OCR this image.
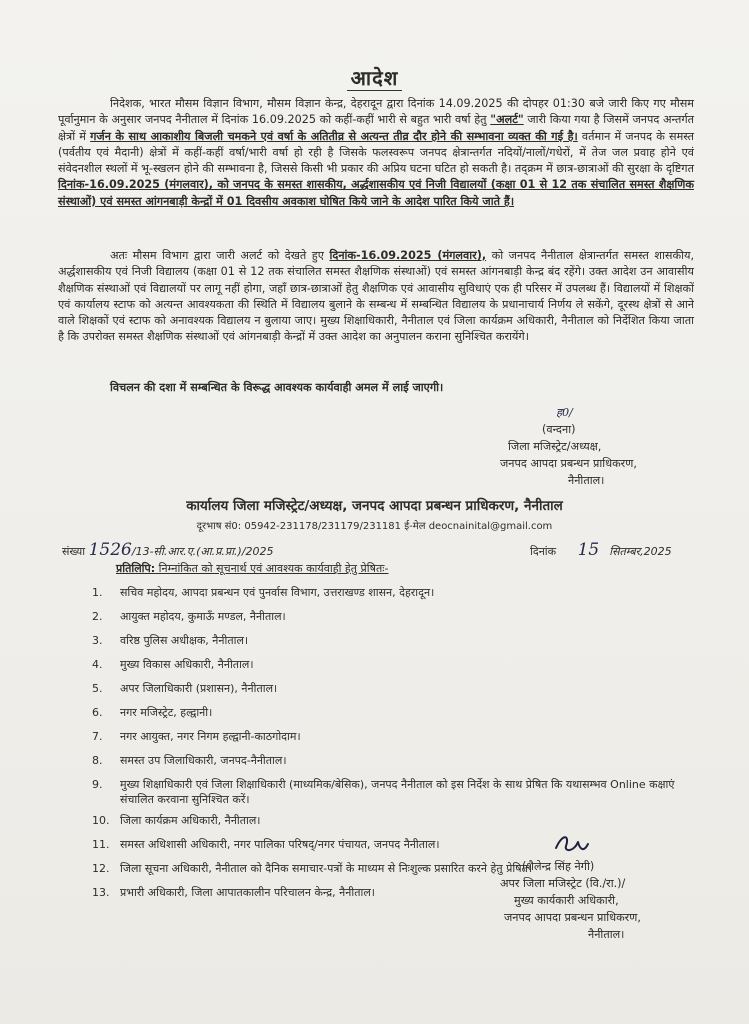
आदेश

निदेशक, भारत मौसम विज्ञान विभाग, मौसम विज्ञान केन्द्र, देहरादून द्वारा दिनांक 14.09.2025 की दोपहर 01:30 बजे जारी किए गए मौसम पूर्वानुमान के अनुसार जनपद नैनीताल में दिनांक 16.09.2025 को कहीं-कहीं भारी से बहुत भारी वर्षा हेतु "अलर्ट" जारी किया गया है जिसमें जनपद अन्तर्गत क्षेत्रों में गर्जन के साथ आकाशीय बिजली चमकने एवं वर्षा के अतितीव्र से अत्यन्त तीव्र दौर होने की सम्भावना व्यक्त की गई है। वर्तमान में जनपद के समस्त (पर्वतीय एवं मैदानी) क्षेत्रों में कहीं-कहीं वर्षा/भारी वर्षा हो रही है जिसके फलस्वरूप जनपद क्षेत्रान्तर्गत नदियों/नालों/गधेरों, में तेज जल प्रवाह होने एवं संवेदनशील स्थलों में भू-स्खलन होने की सम्भावना है, जिससे किसी भी प्रकार की अप्रिय घटना घटित हो सकती है। तद्क्रम में छात्र-छात्राओं की सुरक्षा के दृष्टिगत दिनांक-16.09.2025 (मंगलवार), को जनपद के समस्त शासकीय, अर्द्धशासकीय एवं निजी विद्यालयों (कक्षा 01 से 12 तक संचालित समस्त शैक्षणिक संस्थाओं) एवं समस्त आंगनबाड़ी केन्द्रों में 01 दिवसीय अवकाश घोषित किये जाने के आदेश पारित किये जाते हैं।

अतः मौसम विभाग द्वारा जारी अलर्ट को देखते हुए दिनांक-16.09.2025 (मंगलवार), को जनपद नैनीताल क्षेत्रान्तर्गत समस्त शासकीय, अर्द्धशासकीय एवं निजी विद्यालय (कक्षा 01 से 12 तक संचालित समस्त शैक्षणिक संस्थाओं) एवं समस्त आंगनबाड़ी केन्द्र बंद रहेंगे। उक्त आदेश उन आवासीय शैक्षणिक संस्थाओं एवं विद्यालयों पर लागू नहीं होगा, जहाँ छात्र-छात्राओं हेतु शैक्षणिक एवं आवासीय सुविधाएं एक ही परिसर में उपलब्ध हैं। विद्यालयों में शिक्षकों एवं कार्यालय स्टाफ को अत्यन्त आवश्यकता की स्थिति में विद्यालय बुलाने के सम्बन्ध में सम्बन्धित विद्यालय के प्रधानाचार्य निर्णय ले सकेंगे, दूरस्थ क्षेत्रों से आने वाले शिक्षकों एवं स्टाफ को अनावश्यक विद्यालय न बुलाया जाए। मुख्य शिक्षाधिकारी, नैनीताल एवं जिला कार्यक्रम अधिकारी, नैनीताल को निर्देशित किया जाता है कि उपरोक्त समस्त शैक्षणिक संस्थाओं एवं आंगनबाड़ी केन्द्रों में उक्त आदेश का अनुपालन कराना सुनिश्चित करायेंगे।

विचलन की दशा में सम्बन्धित के विरूद्ध आवश्यक कार्यवाही अमल में लाई जाएगी।

ह0/
(वन्दना)
जिला मजिस्ट्रेट/अध्यक्ष,
जनपद आपदा प्रबन्धन प्राधिकरण,
नैनीताल।
कार्यालय जिला मजिस्ट्रेट/अध्यक्ष, जनपद आपदा प्रबन्धन प्राधिकरण, नैनीताल
दूरभाष सं0: 05942-231178/231179/231181 ई-मेल deocnainital@gmail.com
संख्या 1526/13-सी.आर.ए.(आ.प्र.प्रा.)/2025	दिनांक 15 सितम्बर,2025
प्रतिलिपि: निम्नांकित को सूचनार्थ एवं आवश्यक कार्यवाही हेतु प्रेषितः-
1.	सचिव महोदय, आपदा प्रबन्धन एवं पुनर्वास विभाग, उत्तराखण्ड शासन, देहरादून।
2.	आयुक्त महोदय, कुमाऊँ मण्डल, नैनीताल।
3.	वरिष्ठ पुलिस अधीक्षक, नैनीताल।
4.	मुख्य विकास अधिकारी, नैनीताल।
5.	अपर जिलाधिकारी (प्रशासन), नैनीताल।
6.	नगर मजिस्ट्रेट, हल्द्वानी।
7.	नगर आयुक्त, नगर निगम हल्द्वानी-काठगोदाम।
8.	समस्त उप जिलाधिकारी, जनपद-नैनीताल।
9.	मुख्य शिक्षाधिकारी एवं जिला शिक्षाधिकारी (माध्यमिक/बेसिक), जनपद नैनीताल को इस निर्देश के साथ प्रेषित कि यथासम्भव Online कक्षाएं संचालित करवाना सुनिश्चित करें।
10. जिला कार्यक्रम अधिकारी, नैनीताल।
11. समस्त अधिशासी अधिकारी, नगर पालिका परिषद्/नगर पंचायत, जनपद नैनीताल।
12. जिला सूचना अधिकारी, नैनीताल को दैनिक समाचार-पत्रों के माध्यम से निःशुल्क प्रसारित करने हेतु प्रेषित।
13. प्रभारी अधिकारी, जिला आपातकालीन परिचालन केन्द्र, नैनीताल।
(शैलेन्द्र सिंह नेगी)
अपर जिला मजिस्ट्रेट (वि./रा.)/
मुख्य कार्यकारी अधिकारी,
जनपद आपदा प्रबन्धन प्राधिकरण,
नैनीताल।
